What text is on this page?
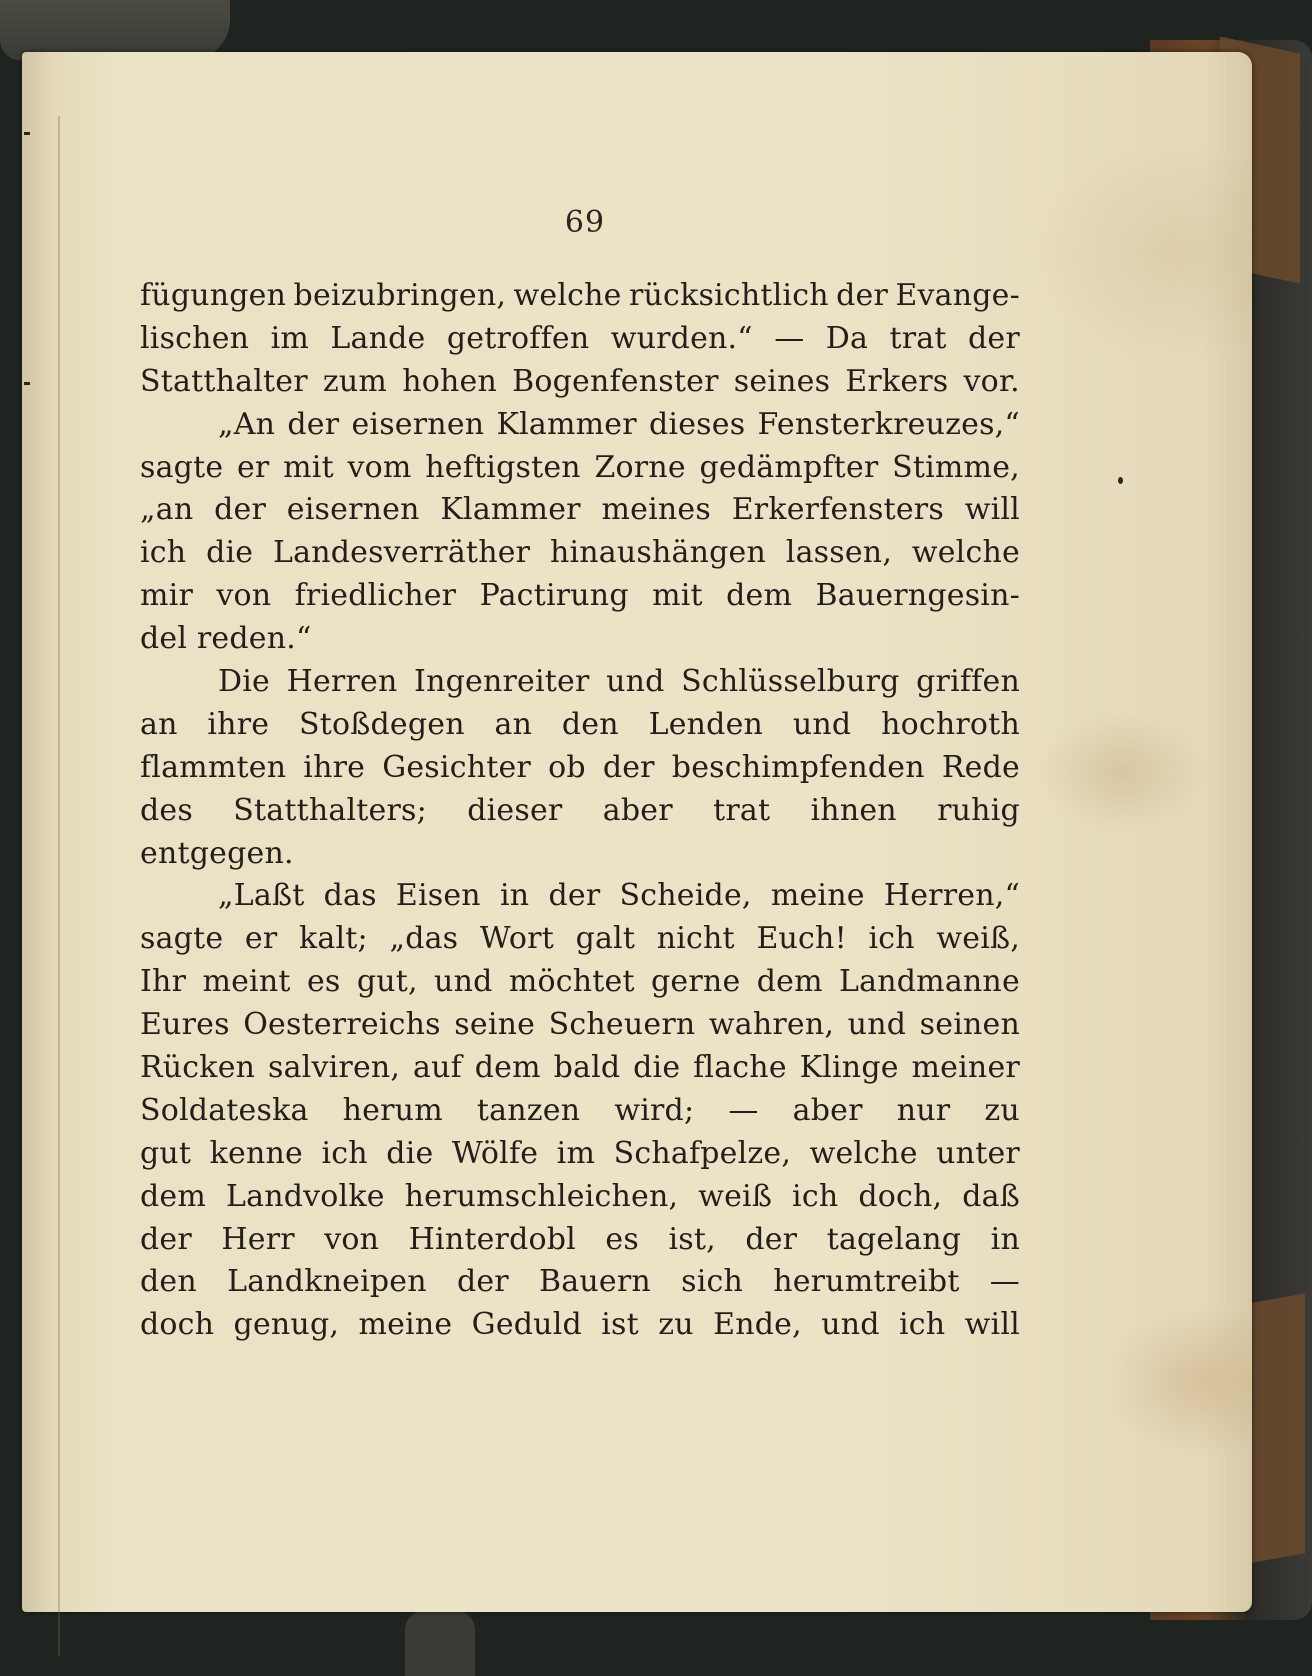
69
fügungen beizubringen, welche rücksichtlich der Evange-
lischen im Lande getroffen wurden.“ — Da trat der
Statthalter zum hohen Bogenfenster seines Erkers vor.
„An der eisernen Klammer dieses Fensterkreuzes,“
sagte er mit vom heftigsten Zorne gedämpfter Stimme,
„an der eisernen Klammer meines Erkerfensters will
ich die Landesverräther hinaushängen lassen, welche
mir von friedlicher Pactirung mit dem Bauerngesin-
del reden.“
Die Herren Ingenreiter und Schlüsselburg griffen
an ihre Stoßdegen an den Lenden und hochroth
flammten ihre Gesichter ob der beschimpfenden Rede
des Statthalters; dieser aber trat ihnen ruhig
entgegen.
„Laßt das Eisen in der Scheide, meine Herren,“
sagte er kalt; „das Wort galt nicht Euch! ich weiß,
Ihr meint es gut, und möchtet gerne dem Landmanne
Eures Oesterreichs seine Scheuern wahren, und seinen
Rücken salviren, auf dem bald die flache Klinge meiner
Soldateska herum tanzen wird; — aber nur zu
gut kenne ich die Wölfe im Schafpelze, welche unter
dem Landvolke herumschleichen, weiß ich doch, daß
der Herr von Hinterdobl es ist, der tagelang in
den Landkneipen der Bauern sich herumtreibt —
doch genug, meine Geduld ist zu Ende, und ich will
